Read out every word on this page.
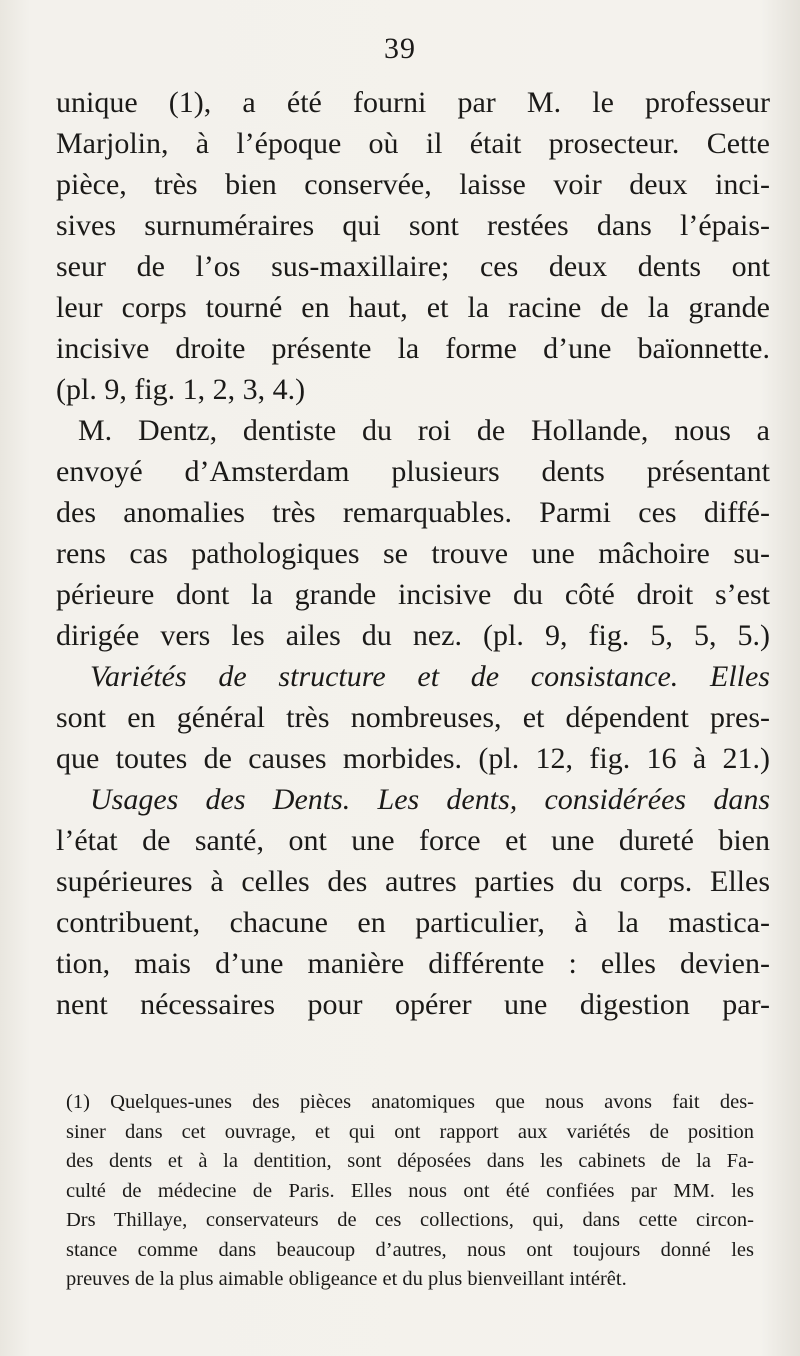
39
unique (1), a été fourni par M. le professeur
Marjolin, à l’époque où il était prosecteur. Cette
pièce, très bien conservée, laisse voir deux inci-
sives surnuméraires qui sont restées dans l’épais-
seur de l’os sus-maxillaire; ces deux dents ont
leur corps tourné en haut, et la racine de la grande
incisive droite présente la forme d’une baïonnette.
(pl. 9, fig. 1, 2, 3, 4.)
M. Dentz, dentiste du roi de Hollande, nous a
envoyé d’Amsterdam plusieurs dents présentant
des anomalies très remarquables. Parmi ces diffé-
rens cas pathologiques se trouve une mâchoire su-
périeure dont la grande incisive du côté droit s’est
dirigée vers les ailes du nez. (pl. 9, fig. 5, 5, 5.)
Variétés de structure et de consistance. Elles
sont en général très nombreuses, et dépendent pres-
que toutes de causes morbides. (pl. 12, fig. 16 à 21.)
Usages des Dents. Les dents, considérées dans
l’état de santé, ont une force et une dureté bien
supérieures à celles des autres parties du corps. Elles
contribuent, chacune en particulier, à la mastica-
tion, mais d’une manière différente : elles devien-
nent nécessaires pour opérer une digestion par-
(1) Quelques-unes des pièces anatomiques que nous avons fait des-
siner dans cet ouvrage, et qui ont rapport aux variétés de position
des dents et à la dentition, sont déposées dans les cabinets de la Fa-
culté de médecine de Paris. Elles nous ont été confiées par MM. les
Drs Thillaye, conservateurs de ces collections, qui, dans cette circon-
stance comme dans beaucoup d’autres, nous ont toujours donné les
preuves de la plus aimable obligeance et du plus bienveillant intérêt.
